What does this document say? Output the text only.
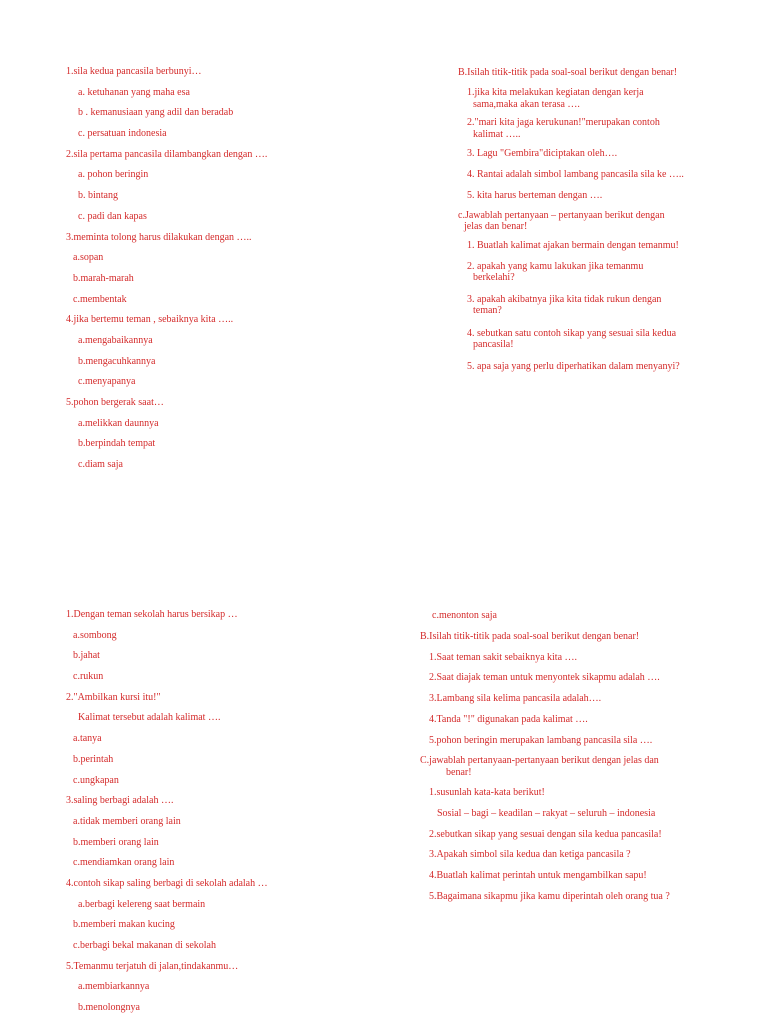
1.sila kedua pancasila berbunyi…
a. ketuhanan yang maha esa
b . kemanusiaan yang adil dan beradab
c. persatuan indonesia
2.sila pertama pancasila dilambangkan dengan ….
a. pohon beringin
b. bintang
c. padi dan kapas
3.meminta tolong harus dilakukan dengan …..
a.sopan
b.marah-marah
c.membentak
4.jika bertemu teman , sebaiknya kita …..
a.mengabaikannya
b.mengacuhkannya
c.menyapanya
5.pohon bergerak saat…
a.melikkan daunnya
b.berpindah tempat
c.diam saja
B.Isilah titik-titik pada soal-soal berikut dengan benar!
1.jika kita melakukan kegiatan dengan kerja
sama,maka akan terasa ….
2."mari kita jaga kerukunan!"merupakan contoh
kalimat …..
3. Lagu "Gembira"diciptakan oleh….
4. Rantai adalah simbol lambang pancasila sila ke …..
5. kita harus berteman dengan ….
c.Jawablah pertanyaan – pertanyaan berikut dengan
jelas dan benar!
1. Buatlah kalimat ajakan bermain dengan temanmu!
2. apakah yang kamu lakukan jika temanmu
berkelahi?
3. apakah akibatnya jika kita tidak rukun dengan
teman?
4. sebutkan satu contoh sikap yang sesuai sila kedua
pancasila!
5. apa saja yang perlu diperhatikan dalam menyanyi?
1.Dengan teman sekolah harus bersikap …
a.sombong
b.jahat
c.rukun
2."Ambilkan kursi itu!"
Kalimat tersebut adalah kalimat ….
a.tanya
b.perintah
c.ungkapan
3.saling berbagi adalah ….
a.tidak memberi orang lain
b.memberi orang lain
c.mendiamkan orang lain
4.contoh sikap saling berbagi di sekolah adalah …
a.berbagi kelereng saat bermain
b.memberi makan kucing
c.berbagi bekal makanan di sekolah
5.Temanmu terjatuh di jalan,tindakanmu…
a.membiarkannya
b.menolongnya
c.menonton saja
B.Isilah titik-titik pada soal-soal berikut dengan benar!
1.Saat teman sakit sebaiknya kita ….
2.Saat diajak teman untuk menyontek sikapmu adalah ….
3.Lambang sila kelima pancasila adalah….
4.Tanda "!" digunakan pada kalimat ….
5.pohon beringin merupakan lambang pancasila sila ….
C.jawablah pertanyaan-pertanyaan berikut dengan jelas dan
benar!
1.susunlah kata-kata berikut!
Sosial – bagi – keadilan – rakyat – seluruh – indonesia
2.sebutkan sikap yang sesuai dengan sila kedua pancasila!
3.Apakah simbol sila kedua dan ketiga pancasila ?
4.Buatlah kalimat perintah untuk mengambilkan sapu!
5.Bagaimana sikapmu jika kamu diperintah oleh orang tua ?
